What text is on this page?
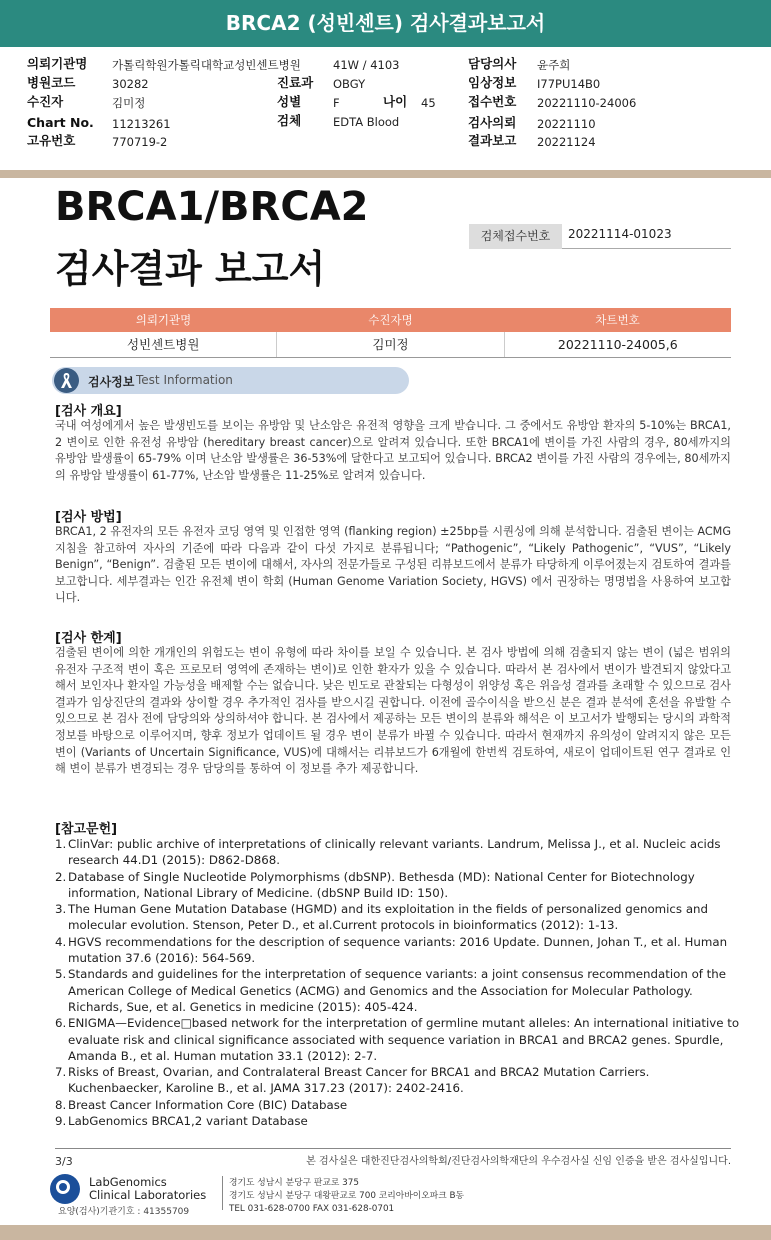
BRCA2 (성빈센트) 검사결과보고서
의뢰기관명 가톨릭학원가톨릭대학교성빈센트병원
병원코드	30282
수진자	김미정
Chart No. 11213261
고유번호	770719-2
41W / 4103
진료과 OBGY
성별	F	나이 45
검체	EDTA Blood
담당의사 윤주희
임상정보 I77PU14B0
접수번호 20221110-24006
검사의뢰 20221110
결과보고 20221124
BRCA1/BRCA2
검사결과 보고서
검체접수번호	20221114-01023
의뢰기관명	수진자명	차트번호
성빈센트병원	김미정	20221110-24005,6
검사정보 Test Information
[검사 개요]
국내 여성에게서 높은 발생빈도를 보이는 유방암 및 난소암은 유전적 영향을 크게 받습니다. 그 중에서도 유방암 환자의 5-10%는 BRCA1, 2 변이로 인한 유전성 유방암 (hereditary breast cancer)으로 알려져 있습니다. 또한 BRCA1에 변이를 가진 사람의 경우, 80세까지의 유방암 발생률이 65-79% 이며 난소암 발생률은 36-53%에 달한다고 보고되어 있습니다. BRCA2 변이를 가진 사람의 경우에는, 80세까지의 유방암 발생률이 61-77%, 난소암 발생률은 11-25%로 알려져 있습니다.
[검사 방법]
BRCA1, 2 유전자의 모든 유전자 코딩 영역 및 인접한 영역 (flanking region) ±25bp를 시퀀싱에 의해 분석합니다. 검출된 변이는 ACMG 지침을 참고하여 자사의 기준에 따라 다음과 같이 다섯 가지로 분류됩니다; “Pathogenic”, “Likely Pathogenic”, “VUS”, “Likely Benign”, “Benign”. 검출된 모든 변이에 대해서, 자사의 전문가들로 구성된 리뷰보드에서 분류가 타당하게 이루어졌는지 검토하여 결과를 보고합니다. 세부결과는 인간 유전체 변이 학회 (Human Genome Variation Society, HGVS) 에서 권장하는 명명법을 사용하여 보고합니다.
[검사 한계]
검출된 변이에 의한 개개인의 위험도는 변이 유형에 따라 차이를 보일 수 있습니다. 본 검사 방법에 의해 검출되지 않는 변이 (넓은 범위의 유전자 구조적 변이 혹은 프로모터 영역에 존재하는 변이)로 인한 환자가 있을 수 있습니다. 따라서 본 검사에서 변이가 발견되지 않았다고 해서 보인자나 환자일 가능성을 배제할 수는 없습니다. 낮은 빈도로 관찰되는 다형성이 위양성 혹은 위음성 결과를 초래할 수 있으므로 검사 결과가 임상진단의 결과와 상이할 경우 추가적인 검사를 받으시길 권합니다. 이전에 골수이식을 받으신 분은 결과 분석에 혼선을 유발할 수 있으므로 본 검사 전에 담당의와 상의하셔야 합니다. 본 검사에서 제공하는 모든 변이의 분류와 해석은 이 보고서가 발행되는 당시의 과학적 정보를 바탕으로 이루어지며, 향후 정보가 업데이트 될 경우 변이 분류가 바뀔 수 있습니다. 따라서 현재까지 유의성이 알려지지 않은 모든 변이 (Variants of Uncertain Significance, VUS)에 대해서는 리뷰보드가 6개월에 한번씩 검토하여, 새로이 업데이트된 연구 결과로 인해 변이 분류가 변경되는 경우 담당의를 통하여 이 정보를 추가 제공합니다.
[참고문헌]
1. ClinVar: public archive of interpretations of clinically relevant variants. Landrum, Melissa J., et al. Nucleic acids research 44.D1 (2015): D862-D868.
2. Database of Single Nucleotide Polymorphisms (dbSNP). Bethesda (MD): National Center for Biotechnology information, National Library of Medicine. (dbSNP Build ID: 150).
3. The Human Gene Mutation Database (HGMD) and its exploitation in the fields of personalized genomics and molecular evolution. Stenson, Peter D., et al.Current protocols in bioinformatics (2012): 1-13.
4. HGVS recommendations for the description of sequence variants: 2016 Update. Dunnen, Johan T., et al. Human mutation 37.6 (2016): 564-569.
5. Standards and guidelines for the interpretation of sequence variants: a joint consensus recommendation of the American College of Medical Genetics (ACMG) and Genomics and the Association for Molecular Pathology. Richards, Sue, et al. Genetics in medicine (2015): 405-424.
6. ENIGMA—Evidence□based network for the interpretation of germline mutant alleles: An international initiative to evaluate risk and clinical significance associated with sequence variation in BRCA1 and BRCA2 genes. Spurdle, Amanda B., et al. Human mutation 33.1 (2012): 2-7.
7. Risks of Breast, Ovarian, and Contralateral Breast Cancer for BRCA1 and BRCA2 Mutation Carriers. Kuchenbaecker, Karoline B., et al. JAMA 317.23 (2017): 2402-2416.
8. Breast Cancer Information Core (BIC) Database
9. LabGenomics BRCA1,2 variant Database
본 검사실은 대한진단검사의학회/진단검사의학재단의 우수검사실 신임 인증을 받은 검사실입니다.
3/3
LabGenomics
Clinical Laboratories
요양(검사)기관기호 : 41355709
경기도 성남시 분당구 판교로 375
경기도 성남시 분당구 대왕판교로 700 코리아바이오파크 B동
TEL 031-628-0700 FAX 031-628-0701
